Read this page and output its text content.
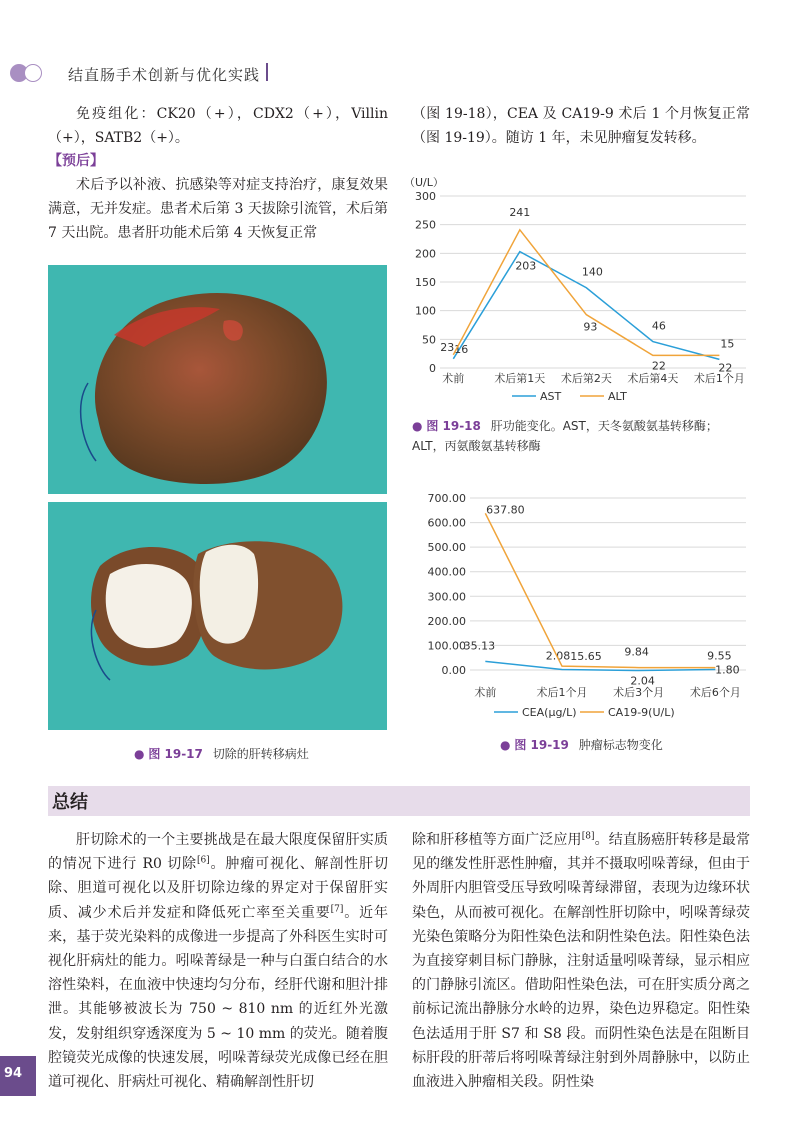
结直肠手术创新与优化实践
免疫组化：CK20（+），CDX2（+），Villin（+），SATB2（+）。
【预后】
术后予以补液、抗感染等对症支持治疗，康复效果满意，无并发症。患者术后第 3 天拔除引流管，术后第 7 天出院。患者肝功能术后第 4 天恢复正常
（图 19-18），CEA 及 CA19-9 术后 1 个月恢复正常（图 19-19）。随访 1 年，未见肿瘤复发转移。
● 图 19-17 切除的肝转移病灶
0
50
100
150
200
250
300
（U/L）
术前	术后第1天 术后第2天 术后第4天 术后1个月
16
203	140
46
15
AST
23
241
93
22	22
ALT
● 图 19-18 肝功能变化。AST，天冬氨酸氨基转移酶；ALT，丙氨酸氨基转移酶
0.00
100.00
200.00
300.00
400.00
500.00
600.00
700.00
术前	术后1个月 术后3个月 术后6个月
35.13
2.08
2.04
1.80
CEA(μg/L)
637.80
15.65 9.84	9.55
CA19-9(U/L)
● 图 19-19 肿瘤标志物变化
总结
肝切除术的一个主要挑战是在最大限度保留肝实质的情况下进行 R0 切除[6]。肿瘤可视化、解剖性肝切除、胆道可视化以及肝切除边缘的界定对于保留肝实质、减少术后并发症和降低死亡率至关重要[7]。近年来，基于荧光染料的成像进一步提高了外科医生实时可视化肝病灶的能力。吲哚菁绿是一种与白蛋白结合的水溶性染料，在血液中快速均匀分布，经肝代谢和胆汁排泄。其能够被波长为 750 ~ 810 nm 的近红外光激发，发射组织穿透深度为 5 ~ 10 mm 的荧光。随着腹腔镜荧光成像的快速发展，吲哚菁绿荧光成像已经在胆道可视化、肝病灶可视化、精确解剖性肝切
除和肝移植等方面广泛应用[8]。结直肠癌肝转移是最常见的继发性肝恶性肿瘤，其并不摄取吲哚菁绿，但由于外周肝内胆管受压导致吲哚菁绿滞留，表现为边缘环状染色，从而被可视化。在解剖性肝切除中，吲哚菁绿荧光染色策略分为阳性染色法和阴性染色法。阳性染色法为直接穿刺目标门静脉，注射适量吲哚菁绿，显示相应的门静脉引流区。借助阳性染色法，可在肝实质分离之前标记流出静脉分水岭的边界，染色边界稳定。阳性染色法适用于肝 S7 和 S8 段。而阴性染色法是在阻断目标肝段的肝蒂后将吲哚菁绿注射到外周静脉中，以防止血液进入肿瘤相关段。阴性染
94
